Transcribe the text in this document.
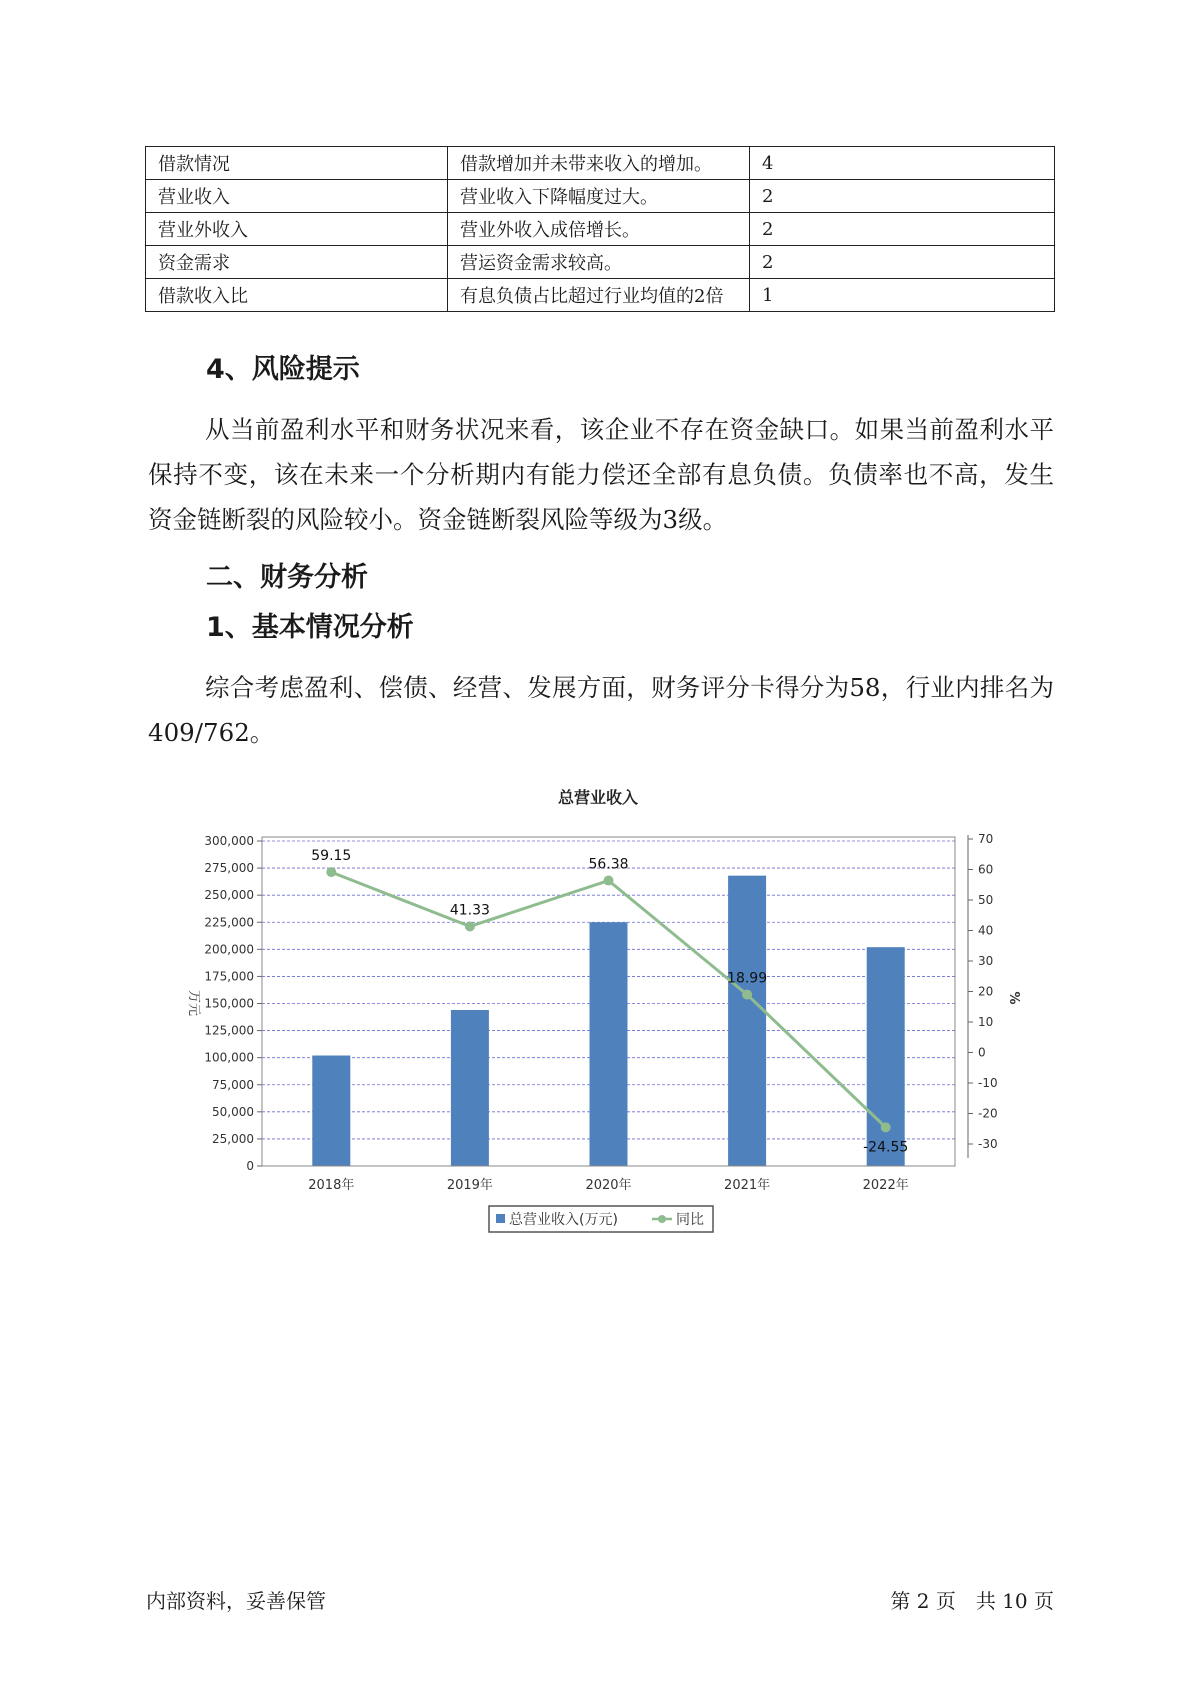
借款情况	借款增加并未带来收入的增加。	4
营业收入	营业收入下降幅度过大。	2
营业外收入	营业外收入成倍增长。	2
资金需求	营运资金需求较高。	2
借款收入比	有息负债占比超过行业均值的2倍	1
4、风险提示
从当前盈利水平和财务状况来看，该企业不存在资金缺口。如果当前盈利水平保持不变，该在未来一个分析期内有能力偿还全部有息负债。负债率也不高，发生资金链断裂的风险较小。资金链断裂风险等级为3级。
二、财务分析
1、基本情况分析
综合考虑盈利、偿债、经营、发展方面，财务评分卡得分为58，行业内排名为409/762。
总营业收入
59.15
41.33
56.38
18.99
-24.55
300,000
275,000
250,000
225,000
200,000
175,000
150,000
125,000
100,000
75,000
50,000
25,000
0
万元
70
60
50
40
30
20
10
0
-10
-20
-30
%
2018年	2019年	2020年	2021年	2022年
总营业收入(万元)	同比
内部资料，妥善保管	第 2 页　共 10 页
